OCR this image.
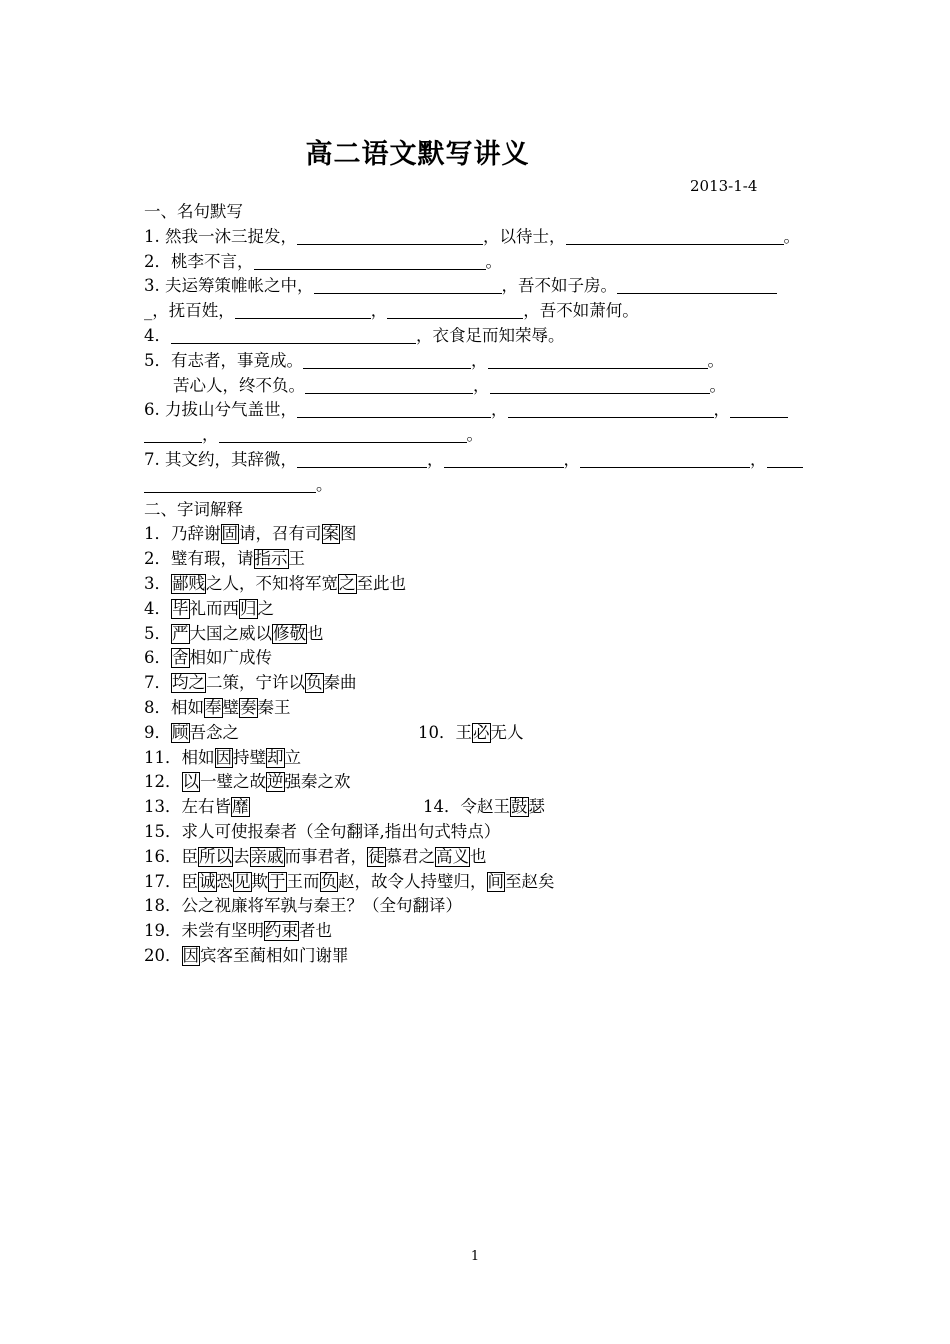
高二语文默写讲义
2013-1-4
一、名句默写
1. 然我一沐三捉发，	，以待士，	。
2．桃李不言，	。
3. 夫运筹策帷帐之中，	，吾不如子房。
_，抚百姓，	，	，吾不如萧何。
4．	，衣食足而知荣辱。
5．有志者，事竟成。	，	。
苦心人，终不负。	，	。
6. 力拔山兮气盖世，	，	，
，	。
7. 其文约，其辞微，	，	，	，
。
二、字词解释
1．乃辞谢固请，召有司案图
2．璧有瑕，请指示王
3．鄙贱之人，不知将军宽之至此也
4．毕礼而西归之
5．严大国之威以修敬也
6．舍相如广成传
7．均之二策，宁许以负秦曲
8．相如奉璧奏秦王
9．顾吾念之	10．王必无人
11．相如因持璧却立
12．以一璧之故逆强秦之欢
13．左右皆靡	14．令赵王鼓瑟
15．求人可使报秦者（全句翻译,指出句式特点）
16．臣所以去亲戚而事君者，徒慕君之高义也
17．臣诚恐见欺于王而负赵，故令人持璧归，间至赵矣
18．公之视廉将军孰与秦王？（全句翻译）
19．未尝有坚明约束者也
20．因宾客至蔺相如门谢罪
1
